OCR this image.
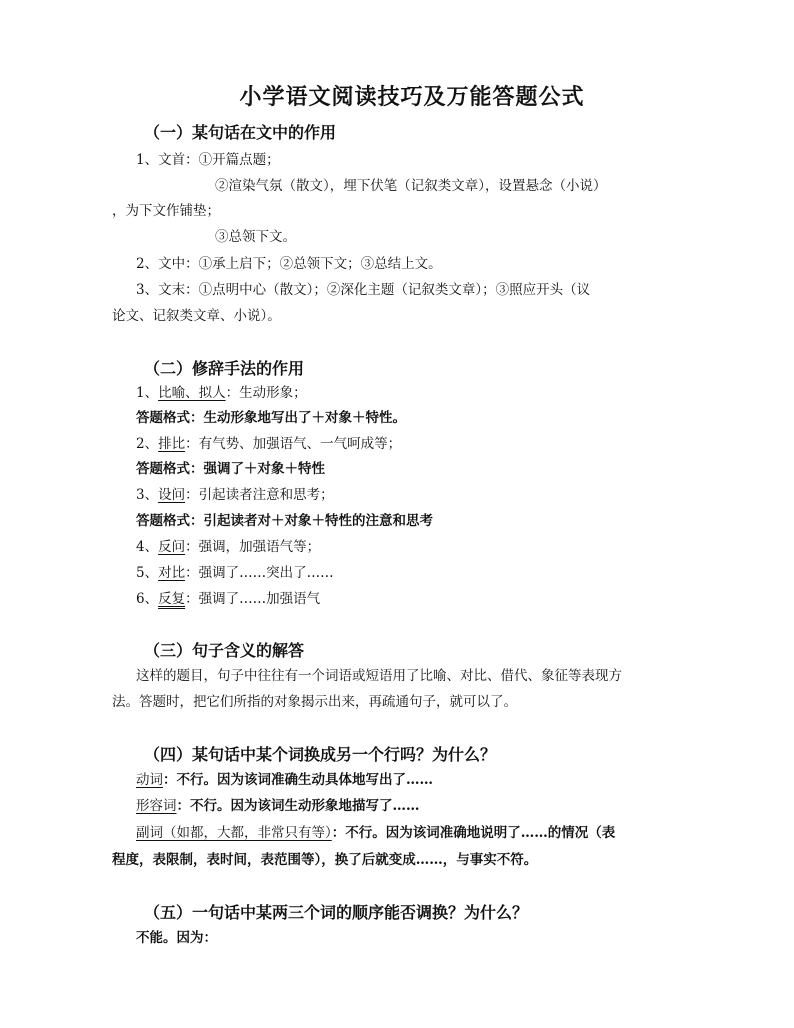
小学语文阅读技巧及万能答题公式
（一）某句话在文中的作用
1、文首：①开篇点题；
②渲染气氛（散文），埋下伏笔（记叙类文章），设置悬念（小说）
，为下文作铺垫；
③总领下文。
2、文中：①承上启下；②总领下文；③总结上文。
3、文末：①点明中心（散文）；②深化主题（记叙类文章）；③照应开头（议
论文、记叙类文章、小说）。
（二）修辞手法的作用
1、比喻、拟人：生动形象；
答题格式：生动形象地写出了＋对象＋特性。
2、排比：有气势、加强语气、一气呵成等；
答题格式：强调了＋对象＋特性
3、设问：引起读者注意和思考；
答题格式：引起读者对＋对象＋特性的注意和思考
4、反问：强调，加强语气等；
5、对比：强调了……突出了……
6、反复：强调了……加强语气
（三）句子含义的解答
这样的题目，句子中往往有一个词语或短语用了比喻、对比、借代、象征等表现方
法。答题时，把它们所指的对象揭示出来，再疏通句子，就可以了。
（四）某句话中某个词换成另一个行吗？为什么？
动词：不行。因为该词准确生动具体地写出了……
形容词：不行。因为该词生动形象地描写了……
副词（如都，大都，非常只有等）：不行。因为该词准确地说明了……的情况（表
程度，表限制，表时间，表范围等），换了后就变成……，与事实不符。
（五）一句话中某两三个词的顺序能否调换？为什么？
不能。因为：
